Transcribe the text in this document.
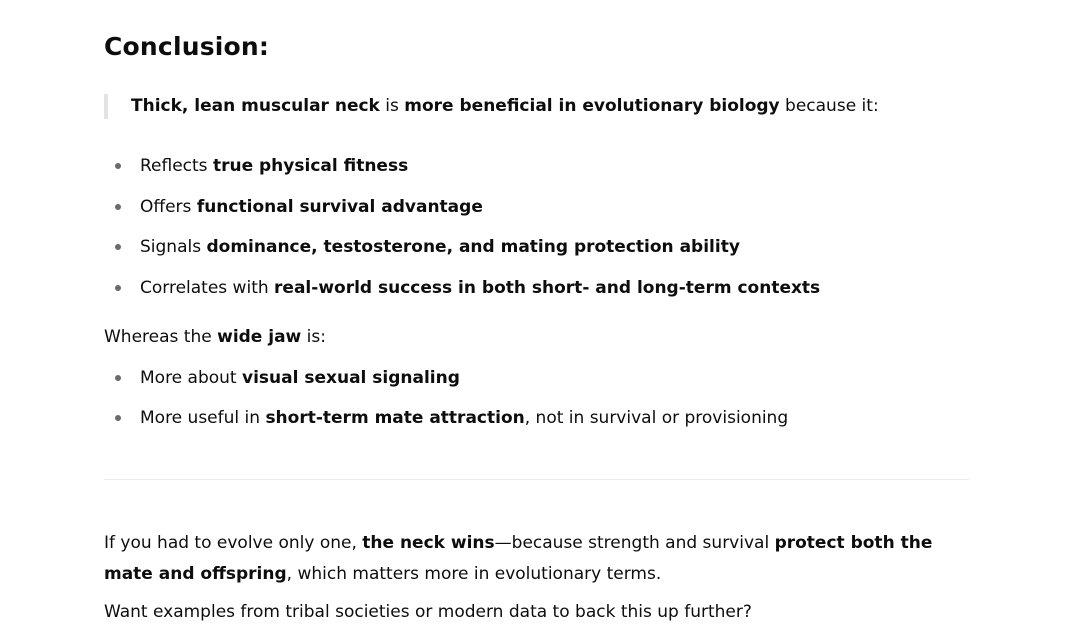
Conclusion:
Thick, lean muscular neck is more beneficial in evolutionary biology because it:
Reflects true physical fitness
Offers functional survival advantage
Signals dominance, testosterone, and mating protection ability
Correlates with real-world success in both short- and long-term contexts
Whereas the wide jaw is:
More about visual sexual signaling
More useful in short-term mate attraction, not in survival or provisioning
If you had to evolve only one, the neck wins—because strength and survival protect both the mate and offspring, which matters more in evolutionary terms.
Want examples from tribal societies or modern data to back this up further?
